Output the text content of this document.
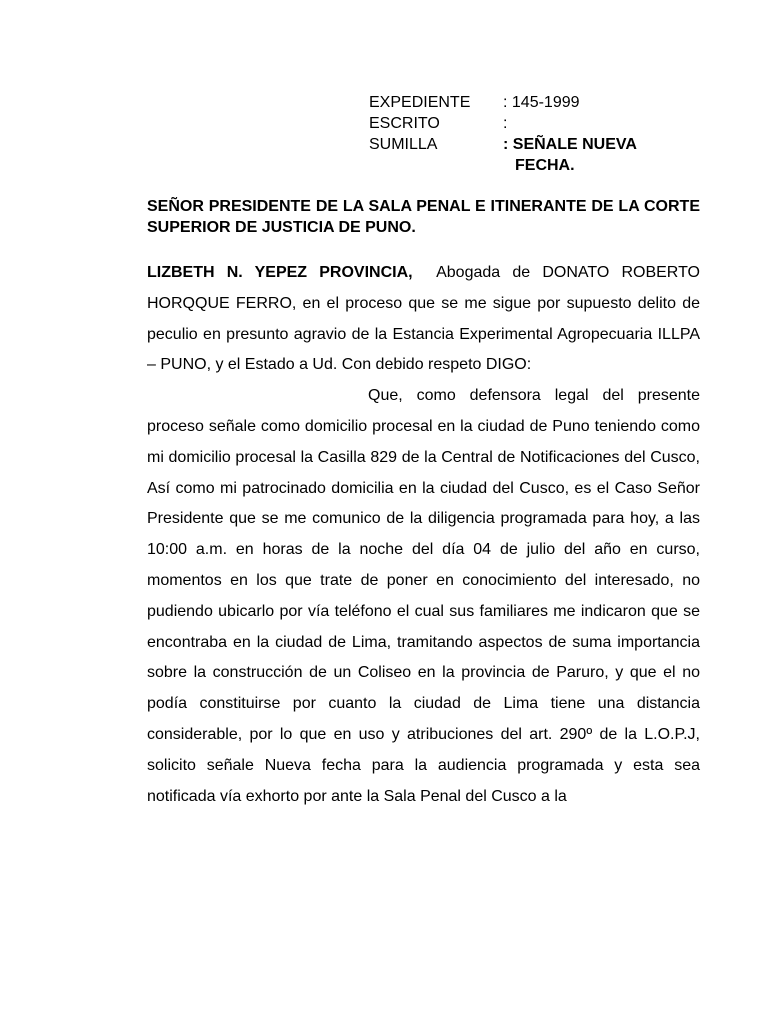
EXPEDIENTE	: 145-1999
ESCRITO	:
SUMILLA	: SEÑALE NUEVA
FECHA.
SEÑOR PRESIDENTE DE LA SALA PENAL E ITINERANTE DE LA CORTE SUPERIOR DE JUSTICIA DE PUNO.

LIZBETH N. YEPEZ PROVINCIA, Abogada de DONATO ROBERTO HORQQUE FERRO, en el proceso que se me sigue por supuesto delito de peculio en presunto agravio de la Estancia Experimental Agropecuaria ILLPA – PUNO, y el Estado a Ud. Con debido respeto DIGO:

Que, como defensora legal del presente proceso señale como domicilio procesal en la ciudad de Puno teniendo como mi domicilio procesal la Casilla 829 de la Central de Notificaciones del Cusco, Así como mi patrocinado domicilia en la ciudad del Cusco, es el Caso Señor Presidente que se me comunico de la diligencia programada para hoy, a las 10:00 a.m. en horas de la noche del día 04 de julio del año en curso, momentos en los que trate de poner en conocimiento del interesado, no pudiendo ubicarlo por vía teléfono el cual sus familiares me indicaron que se encontraba en la ciudad de Lima, tramitando aspectos de suma importancia sobre la construcción de un Coliseo en la provincia de Paruro, y que el no podía constituirse por cuanto la ciudad de Lima tiene una distancia considerable, por lo que en uso y atribuciones del art. 290º de la L.O.P.J, solicito señale Nueva fecha para la audiencia programada y esta sea notificada vía exhorto por ante la Sala Penal del Cusco a la
